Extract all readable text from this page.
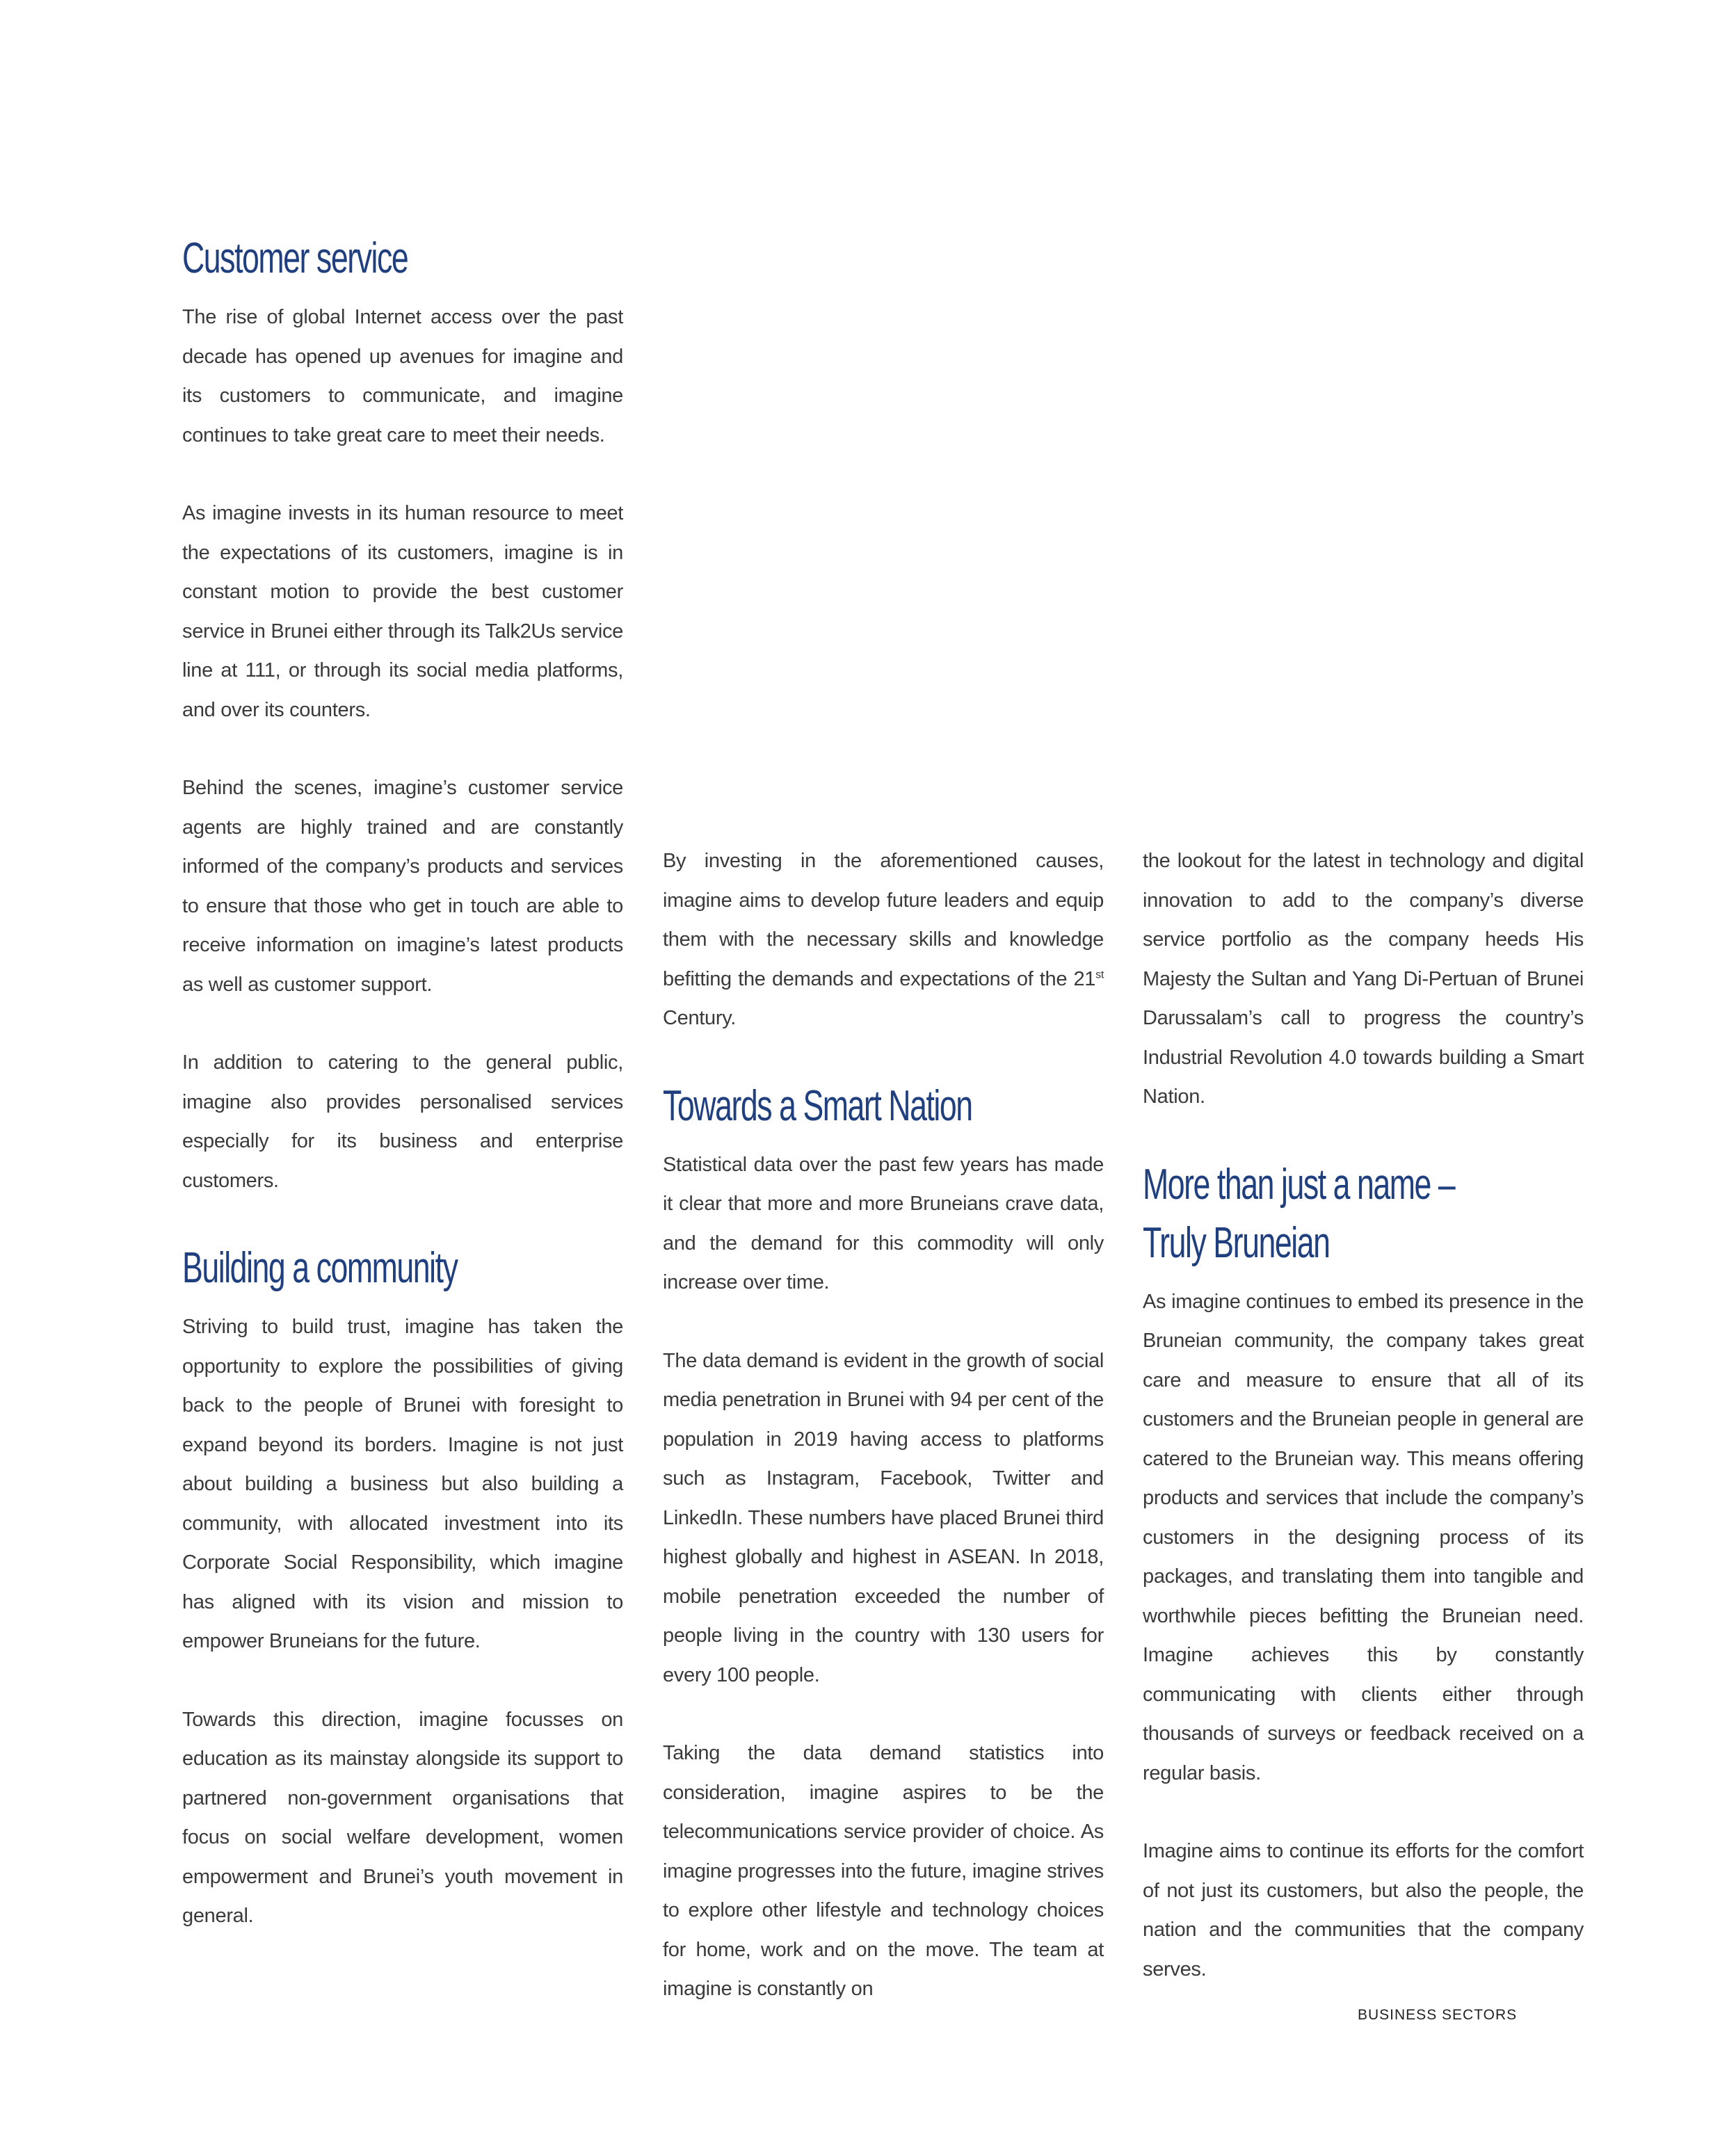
Customer service

The rise of global Internet access over the past decade has opened up avenues for imagine and its customers to communicate, and imagine continues to take great care to meet their needs.

As imagine invests in its human resource to meet the expectations of its customers, imagine is in constant motion to provide the best customer service in Brunei either through its Talk2Us service line at 111, or through its social media platforms, and over its counters.

Behind the scenes, imagine’s customer service agents are highly trained and are constantly informed of the company’s products and services to ensure that those who get in touch are able to receive information on imagine’s latest products as well as customer support.

In addition to catering to the general public, imagine also provides personalised services especially for its business and enterprise customers.

Building a community

Striving to build trust, imagine has taken the opportunity to explore the possibilities of giving back to the people of Brunei with foresight to expand beyond its borders. Imagine is not just about building a business but also building a community, with allocated investment into its Corporate Social Responsibility, which imagine has aligned with its vision and mission to empower Bruneians for the future.

Towards this direction, imagine focusses on education as its mainstay alongside its support to partnered non-government organisations that focus on social welfare development, women empowerment and Brunei’s youth movement in general.

By investing in the aforementioned causes, imagine aims to develop future leaders and equip them with the necessary skills and knowledge befitting the demands and expectations of the 21st Century.

Towards a Smart Nation

Statistical data over the past few years has made it clear that more and more Bruneians crave data, and the demand for this commodity will only increase over time.

The data demand is evident in the growth of social media penetration in Brunei with 94 per cent of the population in 2019 having access to platforms such as Instagram, Facebook, Twitter and LinkedIn. These numbers have placed Brunei third highest globally and highest in ASEAN. In 2018, mobile penetration exceeded the number of people living in the country with 130 users for every 100 people.

Taking the data demand statistics into consideration, imagine aspires to be the telecommunications service provider of choice. As imagine progresses into the future, imagine strives to explore other lifestyle and technology choices for home, work and on the move. The team at imagine is constantly on

the lookout for the latest in technology and digital innovation to add to the company’s diverse service portfolio as the company heeds His Majesty the Sultan and Yang Di-Pertuan of Brunei Darussalam’s call to progress the country’s Industrial Revolution 4.0 towards building a Smart Nation.

More than just a name –
Truly Bruneian

As imagine continues to embed its presence in the Bruneian community, the company takes great care and measure to ensure that all of its customers and the Bruneian people in general are catered to the Bruneian way. This means offering products and services that include the company’s customers in the designing process of its packages, and translating them into tangible and worthwhile pieces befitting the Bruneian need. Imagine achieves this by constantly communicating with clients either through thousands of surveys or feedback received on a regular basis.

Imagine aims to continue its efforts for the comfort of not just its customers, but also the people, the nation and the communities that the company serves.

BUSINESS SECTORS
